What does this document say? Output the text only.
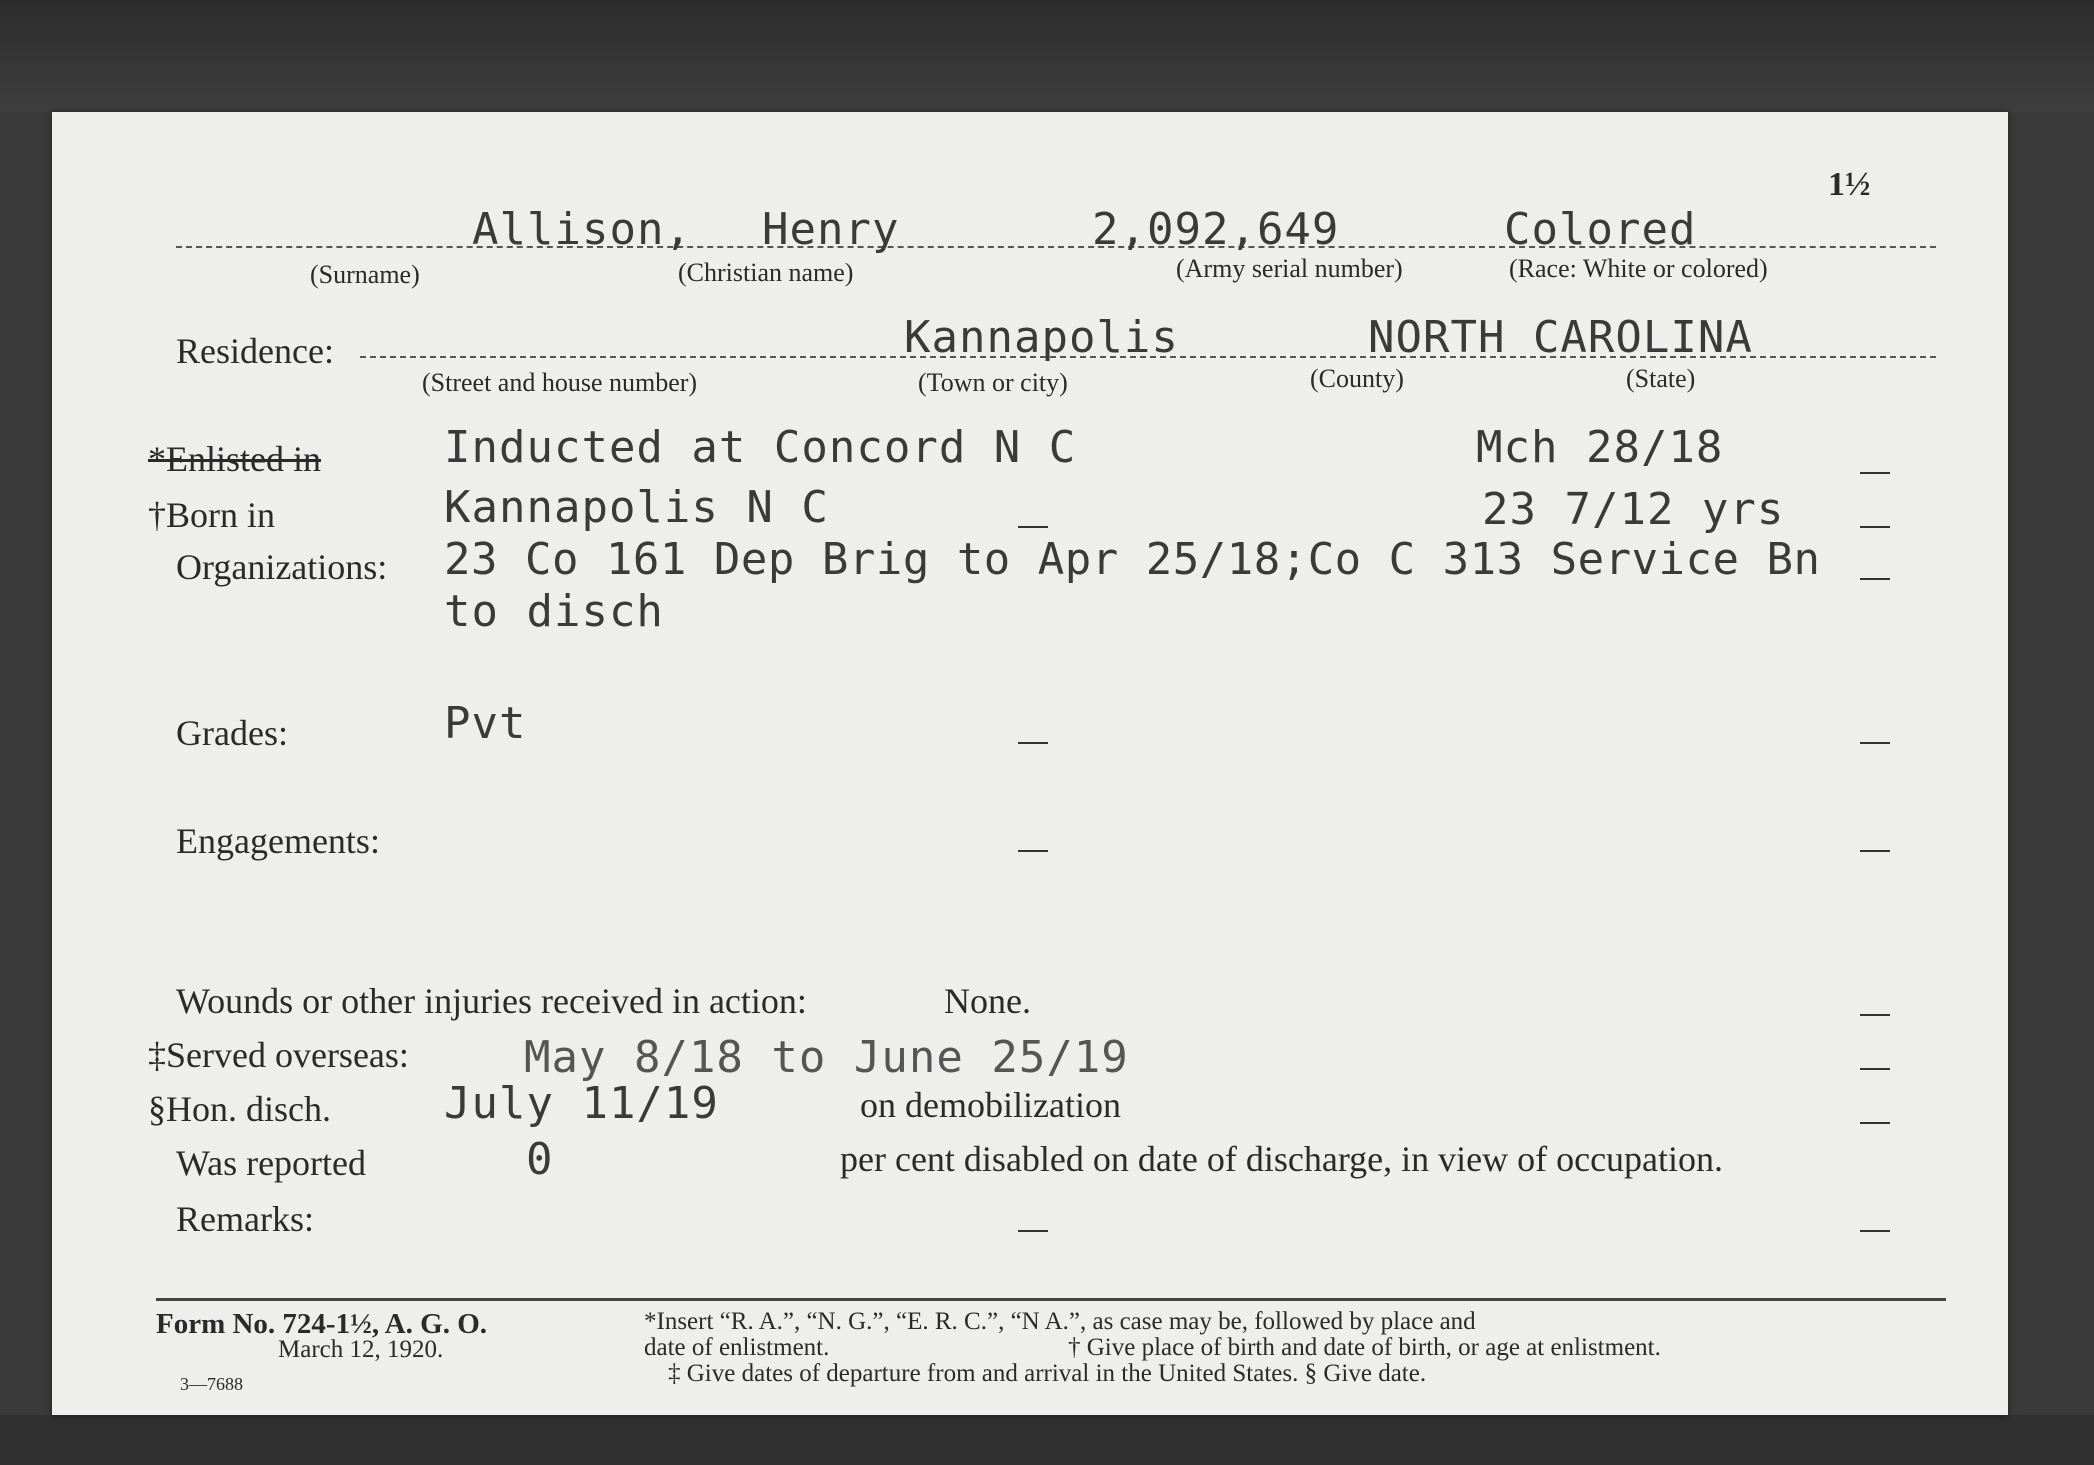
1½
Allison, Henry	2,092,649	Colored
(Surname)	(Christian name)	(Army serial number)	(Race: White or colored)
Residence:	Kannapolis	NORTH CAROLINA
(Street and house number)	(Town or city)	(County)	(State)
*Enlisted in	Inducted at Concord N C	Mch 28/18
†Born in	Kannapolis N C	23 7/12 yrs
Organizations: 23 Co 161 Dep Brig to Apr 25/18;Co C 313 Service Bn
to disch
Grades:	Pvt
Engagements:
Wounds or other injuries received in action:	None.
‡Served overseas:	May 8/18 to June 25/19
§Hon. disch.	July 11/19	on demobilization
Was reported	0	per cent disabled on date of discharge, in view of occupation.
Remarks:
Form No. 724-1½, A. G. O.
March 12, 1920.
3—7688
*Insert “R. A.”, “N. G.”, “E. R. C.”, “N A.”, as case may be, followed by place and
date of enlistment.	† Give place of birth and date of birth, or age at enlistment.
‡ Give dates of departure from and arrival in the United States. § Give date.
